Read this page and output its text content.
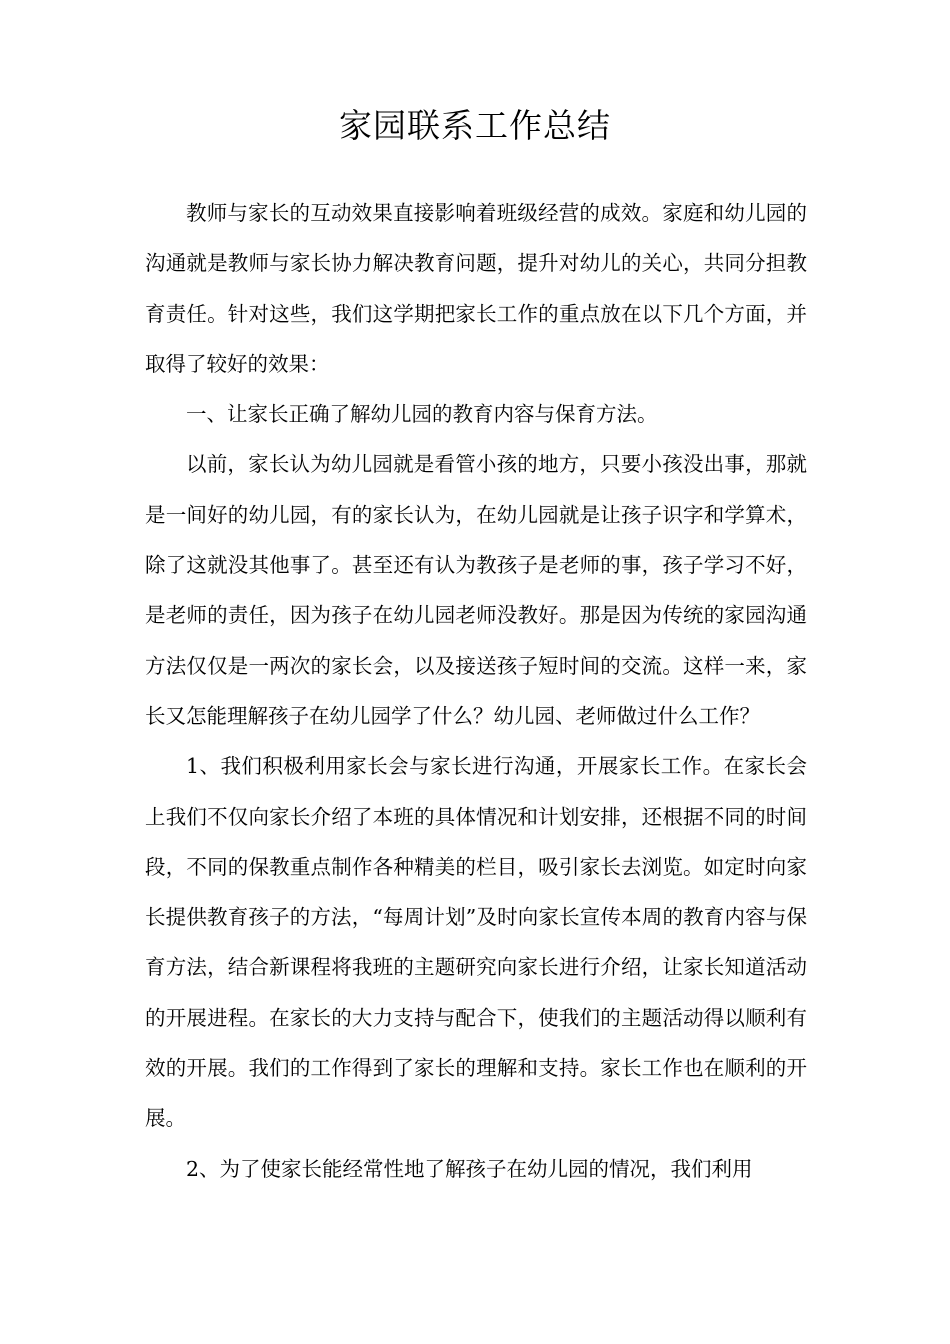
家园联系工作总结

教师与家长的互动效果直接影响着班级经营的成效。家庭和幼儿园的沟通就是教师与家长协力解决教育问题，提升对幼儿的关心，共同分担教育责任。针对这些，我们这学期把家长工作的重点放在以下几个方面，并取得了较好的效果：

一、让家长正确了解幼儿园的教育内容与保育方法。

以前，家长认为幼儿园就是看管小孩的地方，只要小孩没出事，那就是一间好的幼儿园，有的家长认为，在幼儿园就是让孩子识字和学算术，除了这就没其他事了。甚至还有认为教孩子是老师的事，孩子学习不好，是老师的责任，因为孩子在幼儿园老师没教好。那是因为传统的家园沟通方法仅仅是一两次的家长会，以及接送孩子短时间的交流。这样一来，家长又怎能理解孩子在幼儿园学了什么？幼儿园、老师做过什么工作？

1、我们积极利用家长会与家长进行沟通，开展家长工作。在家长会上我们不仅向家长介绍了本班的具体情况和计划安排，还根据不同的时间段，不同的保教重点制作各种精美的栏目，吸引家长去浏览。如定时向家长提供教育孩子的方法，“每周计划”及时向家长宣传本周的教育内容与保育方法，结合新课程将我班的主题研究向家长进行介绍，让家长知道活动的开展进程。在家长的大力支持与配合下，使我们的主题活动得以顺利有效的开展。我们的工作得到了家长的理解和支持。家长工作也在顺利的开展。

2、为了使家长能经常性地了解孩子在幼儿园的情况，我们利用
